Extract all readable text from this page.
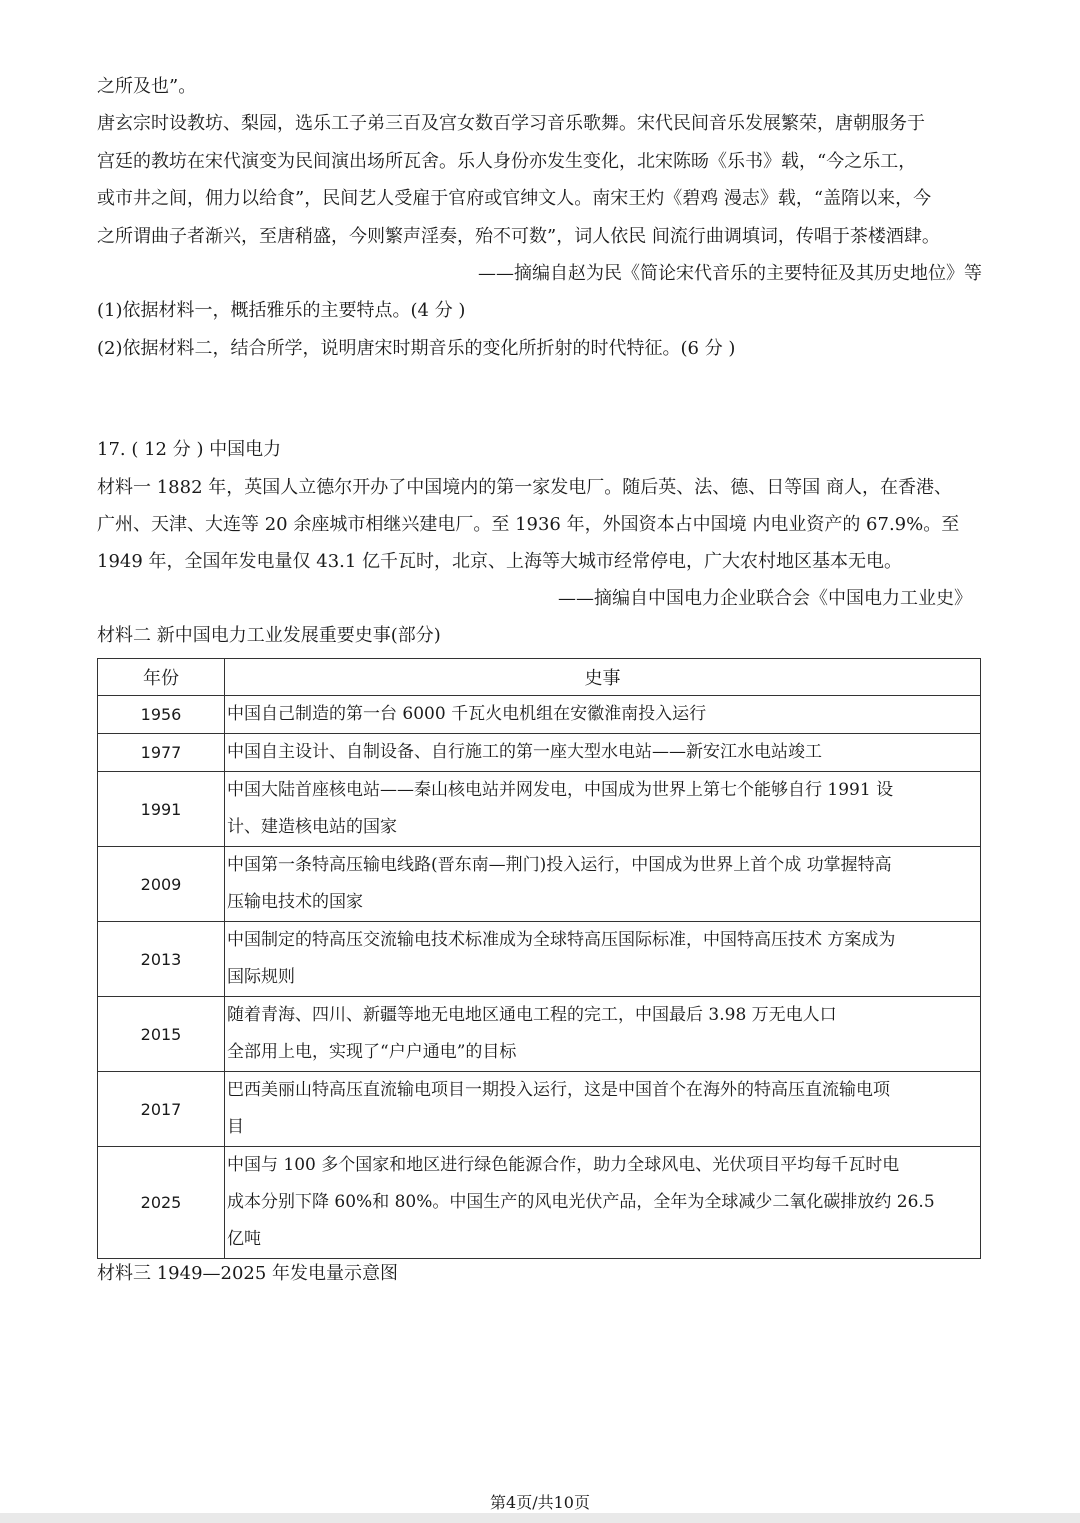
之所及也”。
唐玄宗时设教坊、梨园，选乐工子弟三百及宫女数百学习音乐歌舞。宋代民间音乐发展繁荣，唐朝服务于
宫廷的教坊在宋代演变为民间演出场所瓦舍。乐人身份亦发生变化，北宋陈旸《乐书》载，“今之乐工，
或市井之间，佣力以给食”，民间艺人受雇于官府或官绅文人。南宋王灼《碧鸡 漫志》载，“盖隋以来，今
之所谓曲子者渐兴，至唐稍盛，今则繁声淫奏，殆不可数”，词人依民 间流行曲调填词，传唱于茶楼酒肆。
——摘编自赵为民《简论宋代音乐的主要特征及其历史地位》等
(1)依据材料一，概括雅乐的主要特点。(4 分 )
(2)依据材料二，结合所学，说明唐宋时期音乐的变化所折射的时代特征。(6 分 )
17. ( 12 分 ) 中国电力
材料一 1882 年，英国人立德尔开办了中国境内的第一家发电厂。随后英、法、德、日等国 商人，在香港、
广州、天津、大连等 20 余座城市相继兴建电厂。至 1936 年，外国资本占中国境 内电业资产的 67.9%。至
1949 年，全国年发电量仅 43.1 亿千瓦时，北京、上海等大城市经常停电，广大农村地区基本无电。
——摘编自中国电力企业联合会《中国电力工业史》
材料二 新中国电力工业发展重要史事(部分)
年份	史事
1956	中国自己制造的第一台 6000 千瓦火电机组在安徽淮南投入运行

1977	中国自主设计、自制设备、自行施工的第一座大型水电站——新安江水电站竣工

1991	中国大陆首座核电站——秦山核电站并网发电，中国成为世界上第七个能够自行 1991 设
计、建造核电站的国家

2009	中国第一条特高压输电线路(晋东南—荆门)投入运行，中国成为世界上首个成 功掌握特高
压输电技术的国家

2013	中国制定的特高压交流输电技术标准成为全球特高压国际标准，中国特高压技术 方案成为
国际规则

2015	随着青海、四川、新疆等地无电地区通电工程的完工，中国最后 3.98 万无电人口
全部用上电，实现了“户户通电”的目标

2017	巴西美丽山特高压直流输电项目一期投入运行，这是中国首个在海外的特高压直流输电项
目

2025	中国与 100 多个国家和地区进行绿色能源合作，助力全球风电、光伏项目平均每千瓦时电
成本分别下降 60%和 80%。中国生产的风电光伏产品，全年为全球减少二氧化碳排放约 26.5
亿吨
材料三 1949—2025 年发电量示意图
第4页/共10页
